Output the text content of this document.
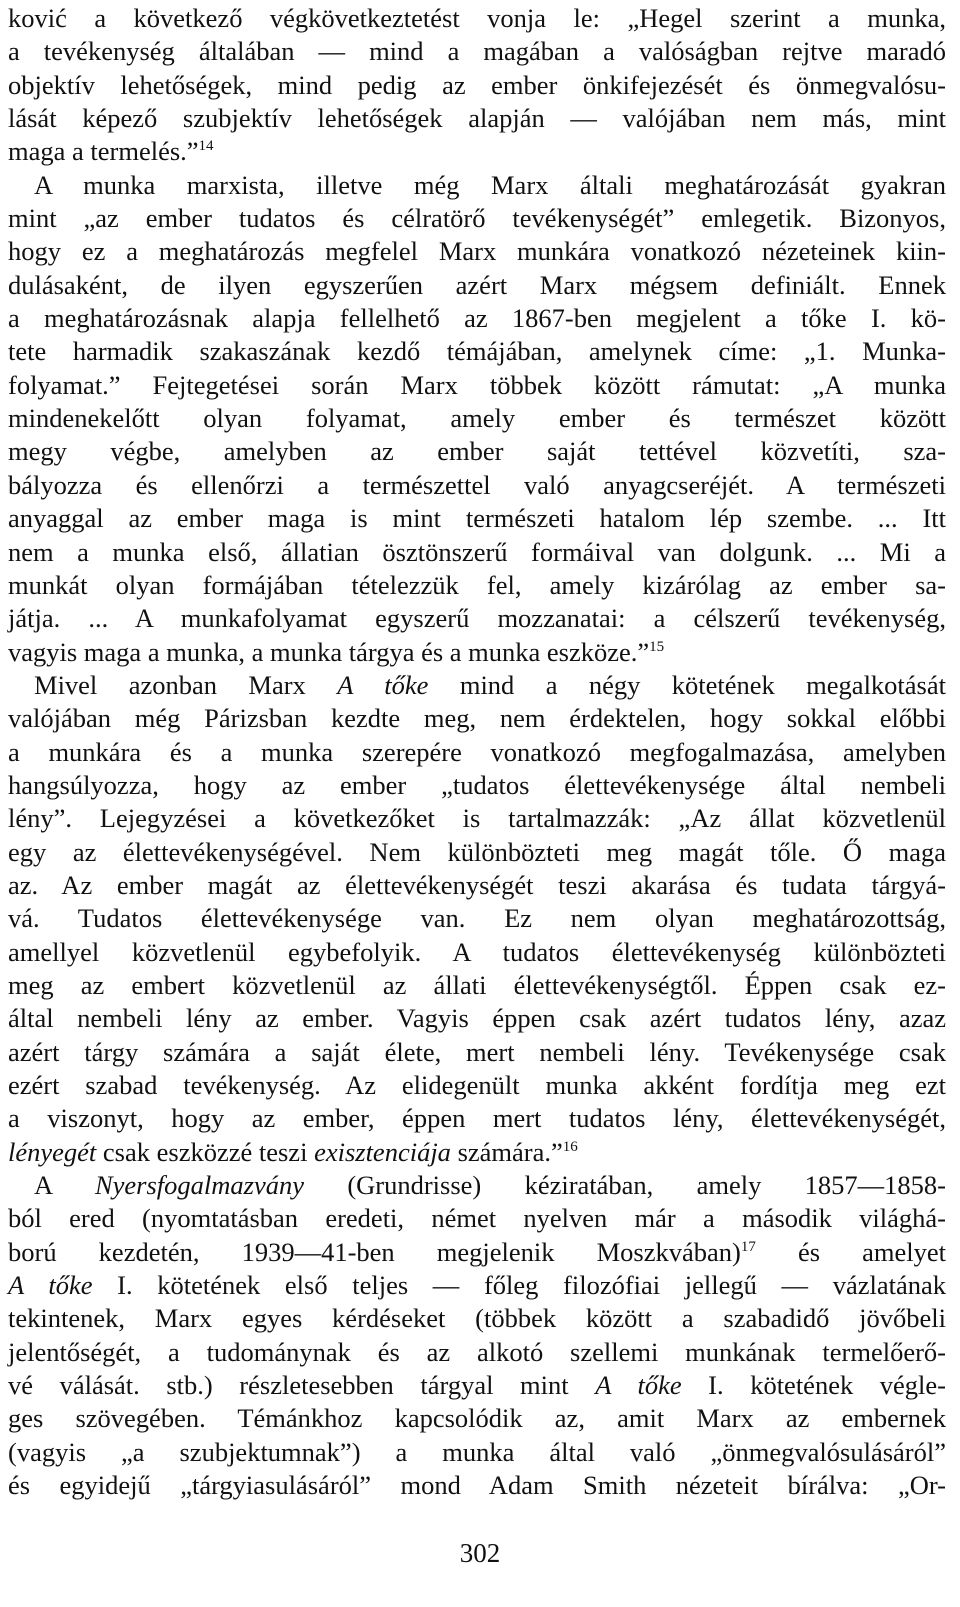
ković a következő végkövetkeztetést vonja le: „Hegel szerint a munka,
a tevékenység általában — mind a magában a valóságban rejtve maradó
objektív lehetőségek, mind pedig az ember önkifejezését és önmegvalósu-
lását képező szubjektív lehetőségek alapján — valójában nem más, mint
maga a termelés.”$^{14}$
A munka marxista, illetve még Marx általi meghatározását gyakran
mint „az ember tudatos és célratörő tevékenységét” emlegetik. Bizonyos,
hogy ez a meghatározás megfelel Marx munkára vonatkozó nézeteinek kiin-
dulásaként, de ilyen egyszerűen azért Marx mégsem definiált. Ennek
a meghatározásnak alapja fellelhető az 1867-ben megjelent a tőke I. kö-
tete harmadik szakaszának kezdő témájában, amelynek címe: „1. Munka-
folyamat.” Fejtegetései során Marx többek között rámutat: „A munka
mindenekelőtt olyan folyamat, amely ember és természet között
megy végbe, amelyben az ember saját tettével közvetíti, sza-
bályozza és ellenőrzi a természettel való anyagcseréjét. A természeti
anyaggal az ember maga is mint természeti hatalom lép szembe. ... Itt
nem a munka első, állatian ösztönszerű formáival van dolgunk. ... Mi a
munkát olyan formájában tételezzük fel, amely kizárólag az ember sa-
játja. ... A munkafolyamat egyszerű mozzanatai: a célszerű tevékenység,
vagyis maga a munka, a munka tárgya és a munka eszköze.”$^{15}$
Mivel azonban Marx A tőke mind a négy kötetének megalkotását
valójában még Párizsban kezdte meg, nem érdektelen, hogy sokkal előbbi
a munkára és a munka szerepére vonatkozó megfogalmazása, amelyben
hangsúlyozza, hogy az ember „tudatos élettevékenysége által nembeli
lény”. Lejegyzései a következőket is tartalmazzák: „Az állat közvetlenül
egy az élettevékenységével. Nem különbözteti meg magát tőle. Ő maga
az. Az ember magát az élettevékenységét teszi akarása és tudata tárgyá-
vá. Tudatos élettevékenysége van. Ez nem olyan meghatározottság,
amellyel közvetlenül egybefolyik. A tudatos élettevékenység különbözteti
meg az embert közvetlenül az állati élettevékenységtől. Éppen csak ez-
által nembeli lény az ember. Vagyis éppen csak azért tudatos lény, azaz
azért tárgy számára a saját élete, mert nembeli lény. Tevékenysége csak
ezért szabad tevékenység. Az elidegenült munka akként fordítja meg ezt
a viszonyt, hogy az ember, éppen mert tudatos lény, élettevékenységét,
lényegét csak eszközzé teszi exisztenciája számára.”$^{16}$
A Nyersfogalmazvány (Grundrisse) kéziratában, amely 1857—1858-
ból ered (nyomtatásban eredeti, német nyelven már a második világhá-
ború kezdetén, 1939—41-ben megjelenik Moszkvában)$^{17}$ és amelyet
A tőke I. kötetének első teljes — főleg filozófiai jellegű — vázlatának
tekintenek, Marx egyes kérdéseket (többek között a szabadidő jövőbeli
jelentőségét, a tudománynak és az alkotó szellemi munkának termelőerő-
vé válását. stb.) részletesebben tárgyal mint A tőke I. kötetének végle-
ges szövegében. Témánkhoz kapcsolódik az, amit Marx az embernek
(vagyis „a szubjektumnak”) a munka által való „önmegvalósulásáról”
és egyidejű „tárgyiasulásáról” mond Adam Smith nézeteit bírálva: „Or-
302
